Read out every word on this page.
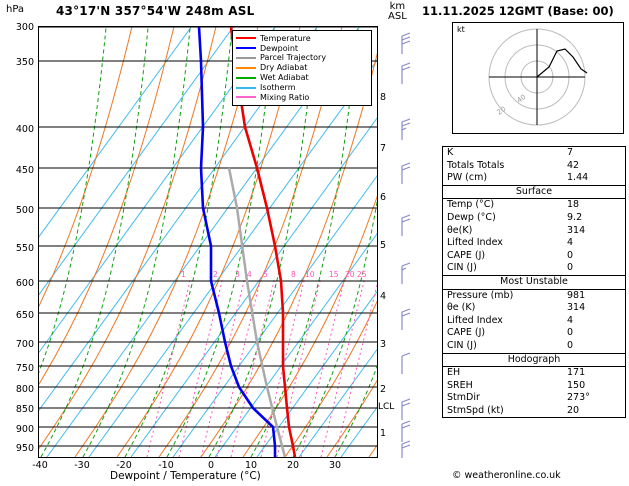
hPa	43°17'N 357°54'W 248m ASL	km
ASL
300
350
400
450
500
550
600
650
700
750
800
850
900
950
8
7
6
5
4
3
2
1
LCL
-40	-30	-20	-10	0	10	20	30
Dewpoint / Temperature (°C)
1	2 3 4 5	8 10 15 20 25
Temperature
Dewpoint
Parcel Trajectory
Dry Adiabat
Wet Adiabat
Isotherm
Mixing Ratio
11.11.2025 12GMT (Base: 00)
kt
20
40
K	7
Totals Totals	42
PW (cm)	1.44
Surface
Temp (°C)	18
Dewp (°C)	9.2
θe(K)	314
Lifted Index	4
CAPE (J)	0
CIN (J)	0
Most Unstable
Pressure (mb)	981
θe (K)	314
Lifted Index	4
CAPE (J)	0
CIN (J)	0
Hodograph
EH	171
SREH	150
StmDir	273°
StmSpd (kt)	20
© weatheronline.co.uk
